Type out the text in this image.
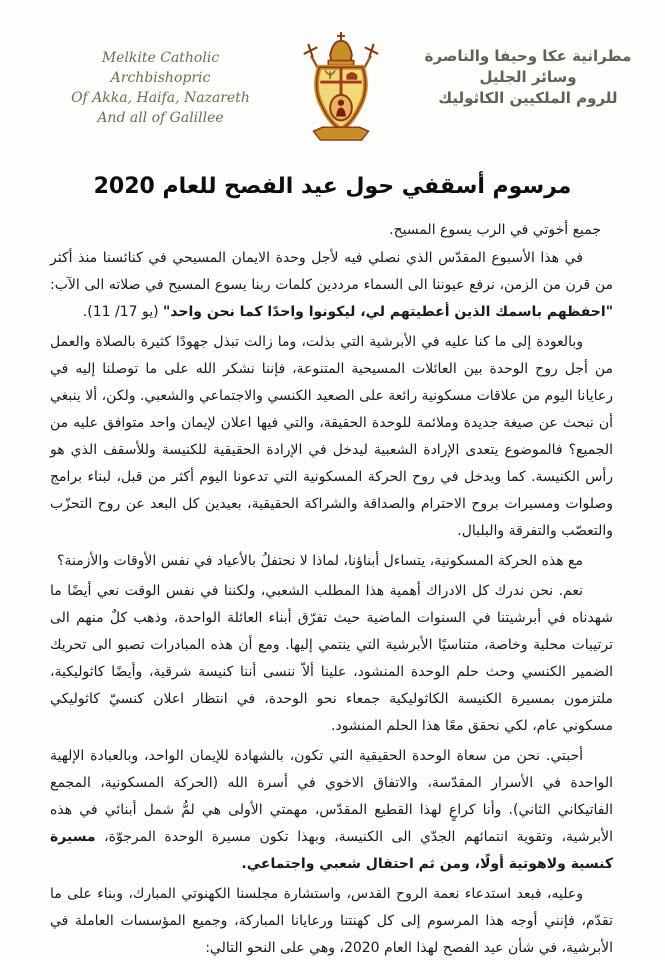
Melkite Catholic Archbishopric
Of Akka, Haifa, Nazareth
And all of Galillee
مطرانية عكا وحيفا والناصرة
وسائر الجليل
للروم الملكيين الكاثوليك
مرسوم أسقفي حول عيد الفصح للعام 2020

جميع أخوتي في الرب يسوع المسيح.

في هذا الأسبوع المقدّس الذي نصلي فيه لأجل وحدة الايمان المسيحي في كنائسنا منذ أكثر من قرن من الزمن، نرفع عيوننا الى السماء مرددين كلمات ربنا يسوع المسيح في صلاته الى الآب: "احفظهم باسمك الذين أعطيتهم لي، ليكونوا واحدًا كما نحن واحد" (يو 17/ 11).

وبالعودة إلى ما كنا عليه في الأبرشية التي بذلت، وما زالت تبذل جهودًا كثيرة بالصلاة والعمل من أجل روح الوحدة بين العائلات المسيحية المتنوعة، فإننا نشكر الله على ما توصلنا إليه في رعايانا اليوم من علاقات مسكونية رائعة على الصعيد الكنسي والاجتماعي والشعبي. ولكن، ألا ينبغي أن نبحث عن صيغة جديدة وملائمة للوحدة الحقيقة، والتي فيها اعلان لإيمان واحد متوافق عليه من الجميع؟ فالموضوع يتعدى الإرادة الشعبية ليدخل في الإرادة الحقيقية للكنيسة وللأسقف الذي هو رأس الكنيسة. كما ويدخل في روح الحركة المسكونية التي تدعونا اليوم أكثر من قبل، لبناء برامج وصلوات ومسيرات بروح الاحترام والصداقة والشراكة الحقيقية، بعيدين كل البعد عن روح التحزّب والتعصّب والتفرقة والبلبال.

مع هذه الحركة المسكونية، يتساءل أبناؤنا، لماذا لا نحتفلُ بالأعياد في نفس الأوقات والأزمنة؟

نعم. نحن ندرك كل الادراك أهمية هذا المطلب الشعبي، ولكننا في نفس الوقت نعي أيضًا ما شهدناه في أبرشيتنا في السنوات الماضية حيث تفرّق أبناء العائلة الواحدة، وذهب كلٌ منهم الى ترتيبات محلية وخاصة، متناسيًا الأبرشية التي ينتمي إليها. ومع أن هذه المبادرات تصبو الى تحريك الضمير الكنسي وحث حلم الوحدة المنشود، علينا ألاّ ننسى أننا كنيسة شرقية، وأيضًا كاثوليكية، ملتزمون بمسيرة الكنيسة الكاثوليكية جمعاء نحو الوحدة، في انتظار اعلان كنسيّ كاثوليكي مسكوني عام، لكي نحقق معًا هذا الحلم المنشود.

أحبتي. نحن من سعاة الوحدة الحقيقية التي تكون، بالشهادة للإيمان الواحد، وبالعبادة الإلهية الواحدة في الأسرار المقدّسة، والاتفاق الاخوي في أسرة الله (الحركة المسكونية، المجمع الفاتيكاني الثاني). وأنا كراعٍ لهذا القطيع المقدّس، مهمتي الأولى هي لمُّ شمل أبنائي في هذه الأبرشية، وتقوية انتمائهم الجدّي الى الكنيسة، وبهذا تكون مسيرة الوحدة المرجوّة، مسيرة كنسية ولاهوتية أولًا، ومن ثم احتفال شعبي واجتماعي.

وعليه، فبعد استدعاء نعمة الروح القدس، واستشارة مجلسنا الكهنوتي المبارك، وبناء على ما تقدّم، فإنني أوجه هذا المرسوم إلى كل كهنتنا ورعايانا المباركة، وجميع المؤسسات العاملة في الأبرشية، في شأن عيد الفصح لهذا العام 2020، وهي على النحو التالي:
